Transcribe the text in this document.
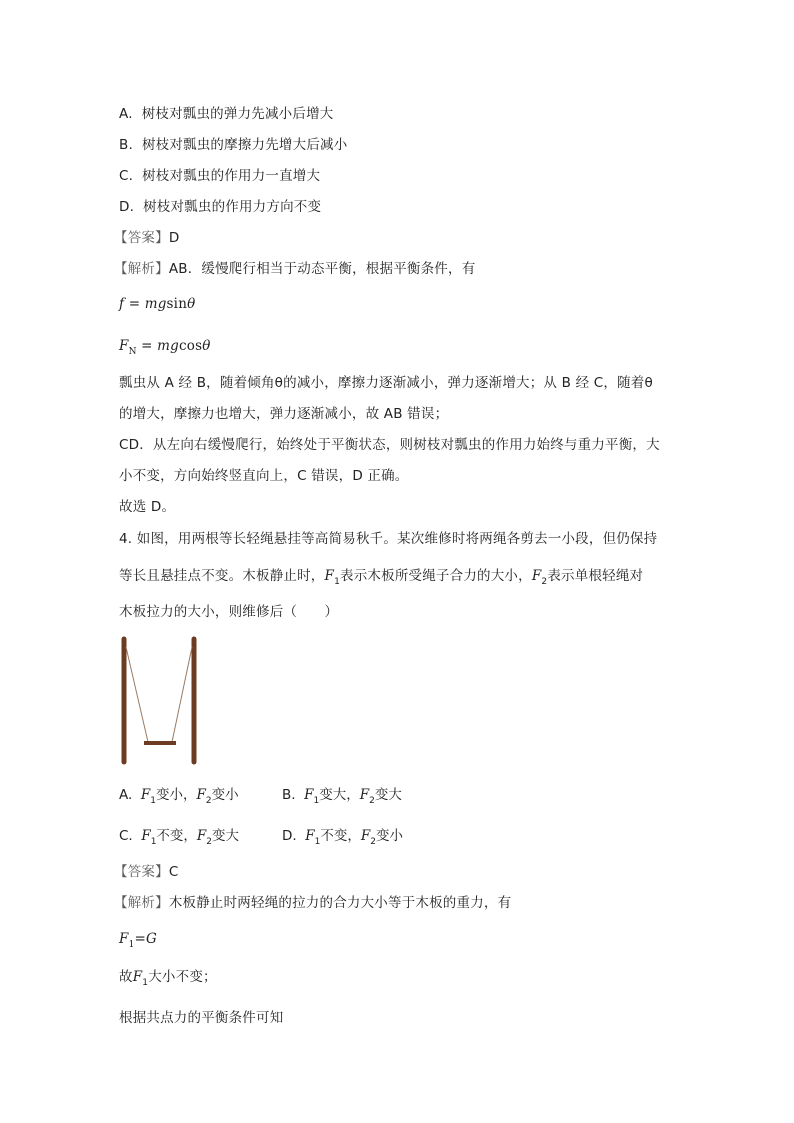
A. 树枝对瓢虫的弹力先减小后增大
B. 树枝对瓢虫的摩擦力先增大后减小
C. 树枝对瓢虫的作用力一直增大
D. 树枝对瓢虫的作用力方向不变
【答案】D
【解析】AB．缓慢爬行相当于动态平衡，根据平衡条件，有
f = mgsinθ
$F_N = mgcos\theta$
瓢虫从 A 经 B，随着倾角θ的减小，摩擦力逐渐减小，弹力逐渐增大；从 B 经 C，随着θ
的增大，摩擦力也增大，弹力逐渐减小，故 AB 错误；
CD．从左向右缓慢爬行，始终处于平衡状态，则树枝对瓢虫的作用力始终与重力平衡，大
小不变，方向始终竖直向上，C 错误，D 正确。
故选 D。
4. 如图，用两根等长轻绳悬挂等高简易秋千。某次维修时将两绳各剪去一小段，但仍保持
等长且悬挂点不变。木板静止时，$F_1$表示木板所受绳子合力的大小，$F_2$表示单根轻绳对
木板拉力的大小，则维修后（　　）
A. $F_1$变小，$F_2$变小	B. $F_1$变大，$F_2$变大
C. $F_1$不变，$F_2$变大	D. $F_1$不变，$F_2$变小
【答案】C
【解析】木板静止时两轻绳的拉力的合力大小等于木板的重力，有
$F_1=G$
故$F_1$大小不变；
根据共点力的平衡条件可知
